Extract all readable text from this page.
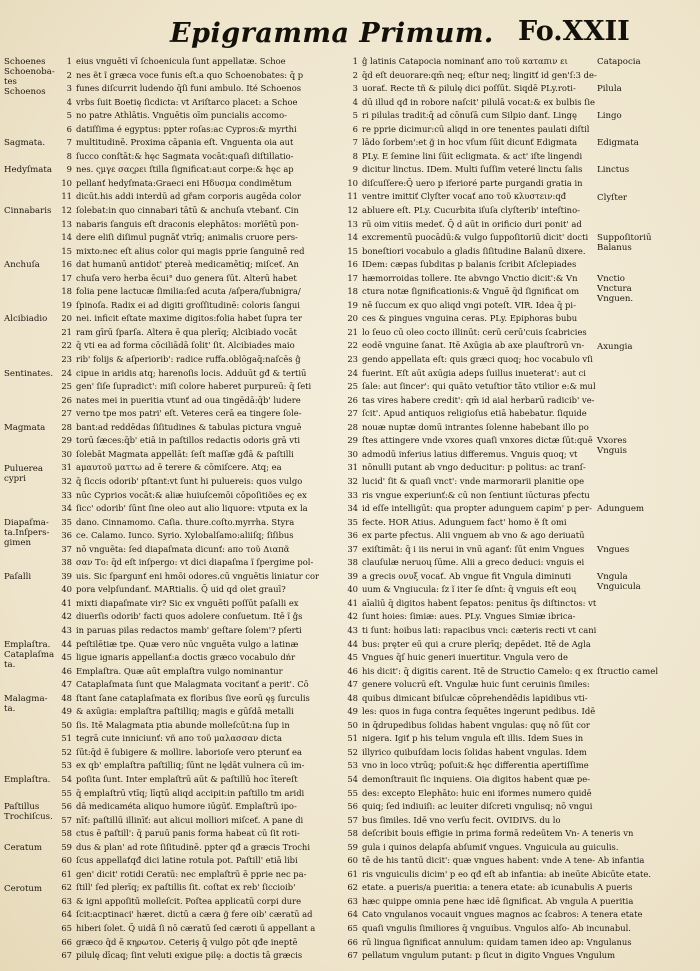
Epigramma Primum. Fo.XXII
1 eius vnguēti vī ſchoenicula ſunt appellatæ. Schoe
2 nes ẽt ĩ græca voce funis eſt.a quo Schoenobates: q̄ p
3 funes diſcurrit ludendo q̄ſi funi ambulo. Ité Schoenos
4 vrbs ſuit Boetię ſicdicta: vt Ariſtarco placet: a Schoe
5 no patre Athlātis. Vnguētis oīm puncialis accomo-
6 datiſſima é egyptus: ppter roſas:ac Cypros:& myrthi
7 multitudinē. Proxima cāpania eſt. Vnguenta oia aut
8 ſucco conſtāt:& hęc Sagmata vocāt:quaſi diſtillatio-
9 nes. ςμγε σαςρει ſtilla ſignificat:aut corpe:& hęc ap
10 pellanť hedyſmata:Graeci eni Ηδυσμα condimětum
11 dicūt.his addi interdū ad gřam corporis augēda color
12 ſolebat:in quo cinnabari tātū & anchuſa vtebanť. Cin
13 nabaris ſanguis eſt draconis elephātos: morĭētū pon-
14 dere eliſi diſimul pugnāť vtrīq; animalis cruore pers-
15 mixto:nec eſt alius color qui magis pprie ſanguinē red
16 dat humanū antidot' ptereà medicamētiq; miſceť. An
17 chuſa vero herba ēcui° duo genera ſūt. Alterū habet
18 folia pene lactucæ ſimilia:ſed acuta /aſpera/ſubnigra/
19 ſpinoſa. Radix ei ad digiti groſſitudinē: coloris ſangui
20 nei. inficit eſtate maxime digitos:folia habet ſupra ter
21 ram gīrū ſparſa. Altera ē qua plerīq; Alcibiado vocāt
22 q̄ vti ea ad forma cōciliādā ſolit' ſit. Alcibiades maio
23 rib' folijs & aſperiorib': radice ruffa.oblōgaq̄:naſcēs ĝ
24 cipue in aridis atq; harenoſis locis. Adduūt gđ & tertiū
25 gen' ſiſe ſupradict': miſi colore haberet purpureū: q̄ ſeti
26 nates mei in pueritia vtunť ad oua tingēdā:q̄b' ludere
27 verno tpe mos patri' eſt. Veteres cerā ea tingere ſole-
28 bant:ad reddēdas ſiſitudines & tabulas pictura vnguē
29 torū ſæces:q̄b' etiā in paſtillos redactis odoris grā vti
30 ſolebāt Magmata appellāt: ſeſt maſſæ gđā & paſtilli
31 aμαυτοῦ ματτω ad ē terere & cōmiſcere. Atq; ea
32 q̄ ſiccis odorib' pſtant:vt ſunt hi puluereis: quos vulgo
33 nūc Cyprios vocāt:& aliæ huiuſcemōi cōpoſitiões eç ex
34 ſicc' odorib' ſūnt ſine oleo aut alio liquore: vtputa ex la
35 dano. Cinnamomo. Caſia. thure.coſto.myrrha. Styra
36 ce. Calamo. Iunco. Syrio. Xylobalſamo:aliiſq; ſiſibus
37 nō vnguēta: ſed diapaſmata dicunť: aπο τοῦ Διαπᾶ
38 σαν Tο: q̄d eſt inſpergo: vt dici diapaſma ĩ ſpergime pol-
39 uis. Sic ſpargunť eni hmōi odores.cū vnguētis liniatur cor
40 pora velpſundanť. MARtialis. Q̄ uid qd olet grauī?
41 mixti diapaſmate vir? Sic ex vnguēti poſſūt paſalli ex
42 diuerſis odorib' facti quos adolere conſuetum. Itē ĩ ĝs
43 in paruas pilas redactos mamb' geſtare ſolem'? pſerti
44 peſtilētiæ tpe. Quæ vero nūc vnguēta vulgo a latinæ
45 ligue ignaris appellanť:a doctis græco vocabulo dńr
46 Emplaſtra. Quæ aūt emplaſtra vulgo nominantur
47 Cataplaſmata ſunt que Malagmata vocitanť a perit'. Cō
48 ſtant ſane cataplaſmata ex floribus ſive eorū ęş ſurculis
49 & axūgia: emplaſtra paſtilliq; magis e gūſdā metalli
50 ſis. Itē Malagmata ptia abunde molleſcūt:na ſup in
51 tegrā cute inniciunť: vñ aπο τοῦ μαλασσαν dicta
52 ſūt:q̄d ē ſubigere & mollire. laborioſe vero pterunť ea
53 ex qb' emplaſtra paſtilliq; ſūnt ne lędāt vulnera cū im-
54 poſita ſunt. Inter emplaſtrū aūt & paſtillū hoc ītereſt
55 q̄ emplaſtrū vtīq; līqtū aliqd accipit:in paſtillo tm aridi
56 dā medicaméta aliquo humore iūgūť. Emplaſtrū ipo-
57 nīť: paſtillū illinīť: aut alicui molliori miſceť. A pane di
58 ctus ē paſtill': q̄ paruū panis forma habeat cū ſit roti-
59 dus & plan' ad rote ſiſitudinē. ppter qđ a græcis Trochi
60 ſcus appellaťqđ dici latine rotula pot. Paſtill' etiā libi
61 gen' dicit' rotidi Ceratū: nec emplaſtrū ē pprie nec pa-
62 ſtill' ſed plerīq; ex paſtillis ſit. coſtat ex reb' ſiccioib'
63 & igni appoſitū molleſcit. Poſtea applicatū corpi dure
64 ſcit:acptinaci' hæret. dictū a cæra ğ fere oib' cæratū ad
65 hiberi ſolet. Q̄ uidā ſi nō cæratū ſed cæroti ū appellant a
66 græco q̄d ē κηρωτον. Ceteriş q̄ vulgo pōt qđe ineptē
67 pilulę dīcaq; ſint veluti exigue pilę: a doctis tā græcis
Schoenes
Schoenoba-
tes
Schoenos
Sagmata.
Hedyſmata
Cinnabaris
Anchuſa
Alcibiadio
Sentinates.
Magmata
Puluerea
cypri
Diapaſma-
ta.Inſpers-
gimen
Paſalli
Emplaſtra.
Cataplaſma
ta.
Malagma-
ta.
Emplaſtra.
Paſtillus
Trochiſcus.
Ceratum
Cerotum
1 ĝ latinis Catapocia nominanť aπο τοῦ καταπιν ει
2 q̄d eſt deuorare:qm̄ neq; eſtur neq; lingitť id gen'ſ:3 de-
3 uorať. Recte tñ & pilulę dici poſſūt. Siqdē PLy.roti-
4 dū illud qđ in robore naſcit' pilulā vocat:& ex bulbis ſie
5 ri pilulas tradit:q̄ ad cōnuſā cum Silpio danť. Lingę
6 re pprie dicimur:cū aliqd in ore tenentes paulati diſtil
7 lādo ſorbem':et ğ in hoc vſum ſūit dicunť Edigmata
8 PLy. E ſemine lini ſūit ecligmata. & act' iſte lingendi
9 dicitur linctus. IDem. Multi ſuſſim veteré linctu ſalis
10 diſcuſſere:Q̄ uero p iferioré parte purgandi gratia in
11 ventre imittiť Clyſter vocať aπο τοῦ κλυστειν:qđ
12 abluere eſt. PLy. Cucurbita iſuſa clyſterib' inteſtino-
13 rū oim vitiis medeť. Q̄ d aūt in orificio duri ponit' ad
14 excrementū puocādū:& vulgo ſuppoſitoriū dicit' docti
15 boneſtiori vocabulo a gladis ſiſitudine Balanū dixere.
16 IDem: cæpas ſubditas p balanis ſcribit Aſclepiades
17 hæmorroidas tollere. Ite abvngo Vnctio dicit':& Vn
18 ctura notæ ſignificationis:& Vnguē q̄d ſignificat om
19 nē ſuccum ex quo aliqd vngi poteſt. VIR. Idea q̄ pi-
20 ces & pingues vnguina ceras. PLy. Epiphoras bubu
21 lo ſeuo cū oleo cocto illinūt: cerū cerū'cuis ſcabricies
22 eodē vnguine ſanat. Itē Axūgia ab axe plauſtrorū vn-
23 gendo appellata eſt: quis græci quoq; hoc vocabulo vſi
24 fuerint. Eſt aūt axūgia adeps ſuillus inueterat': aut ci
25 ſale: aut ſincer': qui quāto vetuſtior tāto vtilior e:& mul
26 tas vires habere credit': qm̄ id aial herbarū radicib' ve-
27 ſcit'. Apud antiquos religioſus etiā habebatur. ſiquide
28 nouæ nuptæ domū intrantes ſolenne habebant illo po
29 ſtes attingere vnde vxores quaſi vnxores dictæ ſūt:quē
30 admodū inferius latius differemus. Vnguis quoq; vt
31 nōnulli putant ab vngo deducitur: p politus: ac tranſ-
32 lucid' ſit & quaſi vnct': vnde marmorarii planitie ope
33 ris vngue experiunť:& cū non ſentiunt iūcturas pfectu
34 id eſſe intelligūt: qua propter adunguem capim' p per-
35 fecte. HOR Atius. Adunguem fact' homo ĕ ſt omi
36 ex parte pfectus. Alii vnguem ab vno & ago deriuatū
37 exiſtimāt: q̄ i iis nerui in vnū aganť: ſūt enim Vngues
38 clauſulæ neruoų ſūme. Alii a greco deduci: vnguis ei
39 a grecis ονυξ vocať. Ab vngue fit Vngula diminuti
40 uum & Vngiucula: ſz ĩ iter ſe dſnt: q̄ vnguis eſt eoų
41 aīaliū q̄ digitos habent ſepatos: penitus q̄s diſtinctos: vt
42 ſunt hoies: ſimiæ: aues. PLy. Vngues Simiæ ibrica-
43 ti ſunt: hoibus lati: rapacibus vnci: cæteris recti vt cani
44 bus: pręter eū qui a crure plerīq; depēdet. Itē de Agla
45 Vngues q̄ſ huic generi inuertitur. Vngula vero de
46 his dicit': q̄ digitis carent. Itē de Structio Camelo: q ex
47 genere volucrū eſt. Vngulæ huic ſunt ceruinis ſimiles:
48 quibus dimicant biſulcæ cōprehendēdis lapidibus vti-
49 les: quos in fuga contra ſequētes ingerunt pedibus. Idē
50 in q̄drupedibus ſolidas habent vngulas: quę nō ſūt cor
51 nigera. Igiť p his telum vngula eſt illis. Idem Sues in
52 illyrico quibuſdam locis ſolidas habent vngulas. Idem
53 vno in loco vtrūq; poſuit:& hęc differentia apertiſſime
54 demonſtrauit ſic inquiens. Oia digitos habent quæ pe-
55 des: excepto Elephāto: huic eni iformes numero quidē
56 quiq; ſed indiuiſi: ac leuiter diſcreti vngulisq; nō vngui
57 bus ſimiles. Idē vno verſu fecit. OVIDIVS. du lo
58 deſcribit bouis effigie in prima formā redeūtem Vn- A teneris vn
59 gula i quinos delapſa abſumiť vngues. Vnguicula au guiculis.
60 tē de his tantū dicit': quæ vngues habent: vnde A tene- Ab infantia
61 ris vnguiculis dicim' p eo qđ eſt ab infantia: ab ineūte Abicūte etate.
62 etate. a pueris/a pueritia: a tenera etate: ab icunabulis A pueris
63 hæc quippe omnia pene hæc idē ſignificat. Ab vngula A pueritia
64 Cato vngulanos vocauit vngues magnos ac ſcabros: A tenera etate
65 quaſi vngulis ſimiliores q̄ vnguibus. Vngulos alſo- Ab incunabul.
66 rū lingua ſignificat annulum: quidam tamen ideo ap: Vngulanus
67 pellatum vngulum putant: p ſicut in digito Vngues Vngulum
Catapocia
Pilula
Lingo
Edigmata
Linctus
Clyſter
Suppoſitoriū
Balanus
Vnctio
Vnctura
Vnguen.
Axungia
Vxores
Vnguis
Adunguem
Vngues
Vngula
Vnguicula
ſtructio camel
